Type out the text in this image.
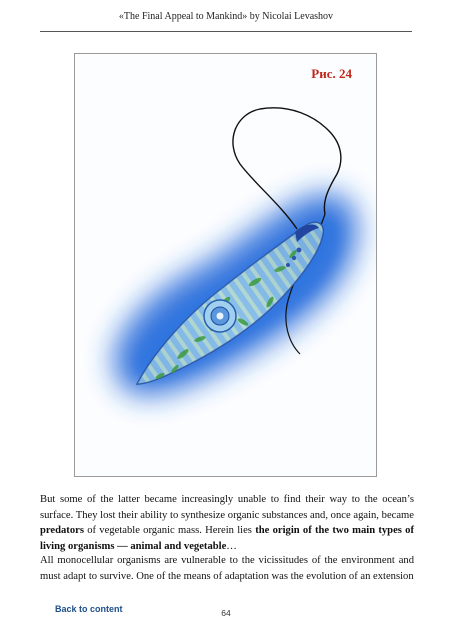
«The Final Appeal to Mankind» by Nicolai Levashov
Рис. 24

But some of the latter became increasingly unable to find their way to the ocean’s surface. They lost their ability to synthesize organic substances and, once again, became predators of vegetable organic mass. Herein lies the origin of the two main types of living organisms — animal and vegetable…

All monocellular organisms are vulnerable to the vicissitudes of the environment and must adapt to survive. One of the means of adaptation was the evolution of an extension

Back to content	64
